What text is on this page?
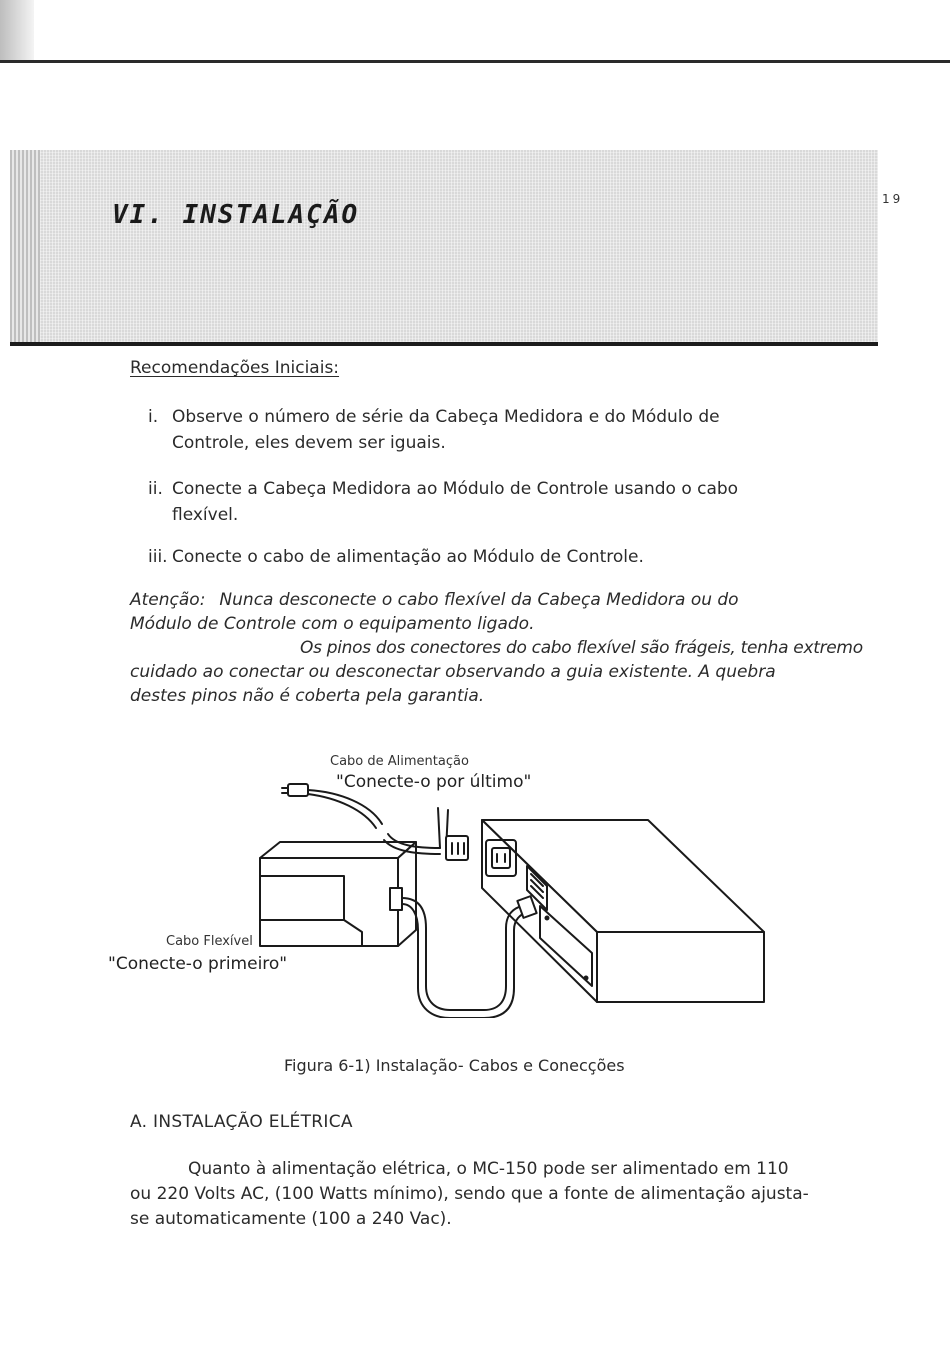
VI. INSTALAÇÃO
19
Recomendações Iniciais:
i. Observe o número de série da Cabeça Medidora e do Módulo de
Controle, eles devem ser iguais.
ii. Conecte a Cabeça Medidora ao Módulo de Controle usando o cabo
flexível.
iii. Conecte o cabo de alimentação ao Módulo de Controle.
Atenção: Nunca desconecte o cabo flexível da Cabeça Medidora ou do
Módulo de Controle com o equipamento ligado.
Os pinos dos conectores do cabo flexível são frágeis, tenha extremo
cuidado ao conectar ou desconectar observando a guia existente. A quebra
destes pinos não é coberta pela garantia.
Cabo de Alimentação
"Conecte-o por último"
Cabo Flexível
"Conecte-o primeiro"
Figura 6-1) Instalação- Cabos e Conecções
A. INSTALAÇÃO ELÉTRICA
Quanto à alimentação elétrica, o MC-150 pode ser alimentado em 110
ou 220 Volts AC, (100 Watts mínimo), sendo que a fonte de alimentação ajusta-
se automaticamente (100 a 240 Vac).
